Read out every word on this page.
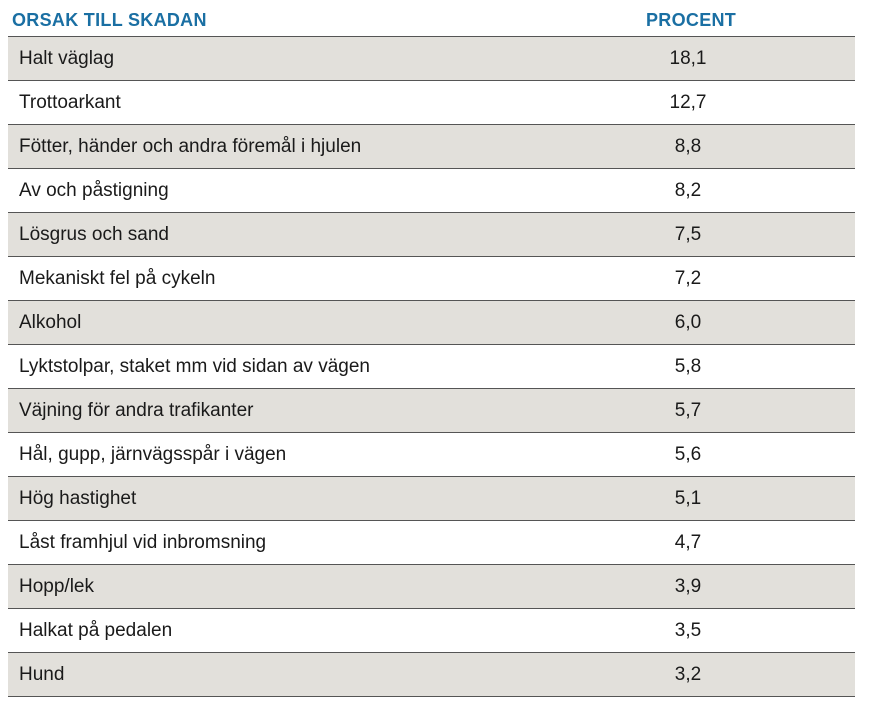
ORSAK TILL SKADAN	PROCENT
Halt väglag	18,1
Trottoarkant	12,7
Fötter, händer och andra föremål i hjulen	8,8
Av och påstigning	8,2
Lösgrus och sand	7,5
Mekaniskt fel på cykeln	7,2
Alkohol	6,0
Lyktstolpar, staket mm vid sidan av vägen	5,8
Väjning för andra trafikanter	5,7
Hål, gupp, järnvägsspår i vägen	5,6
Hög hastighet	5,1
Låst framhjul vid inbromsning	4,7
Hopp/lek	3,9
Halkat på pedalen	3,5
Hund	3,2
